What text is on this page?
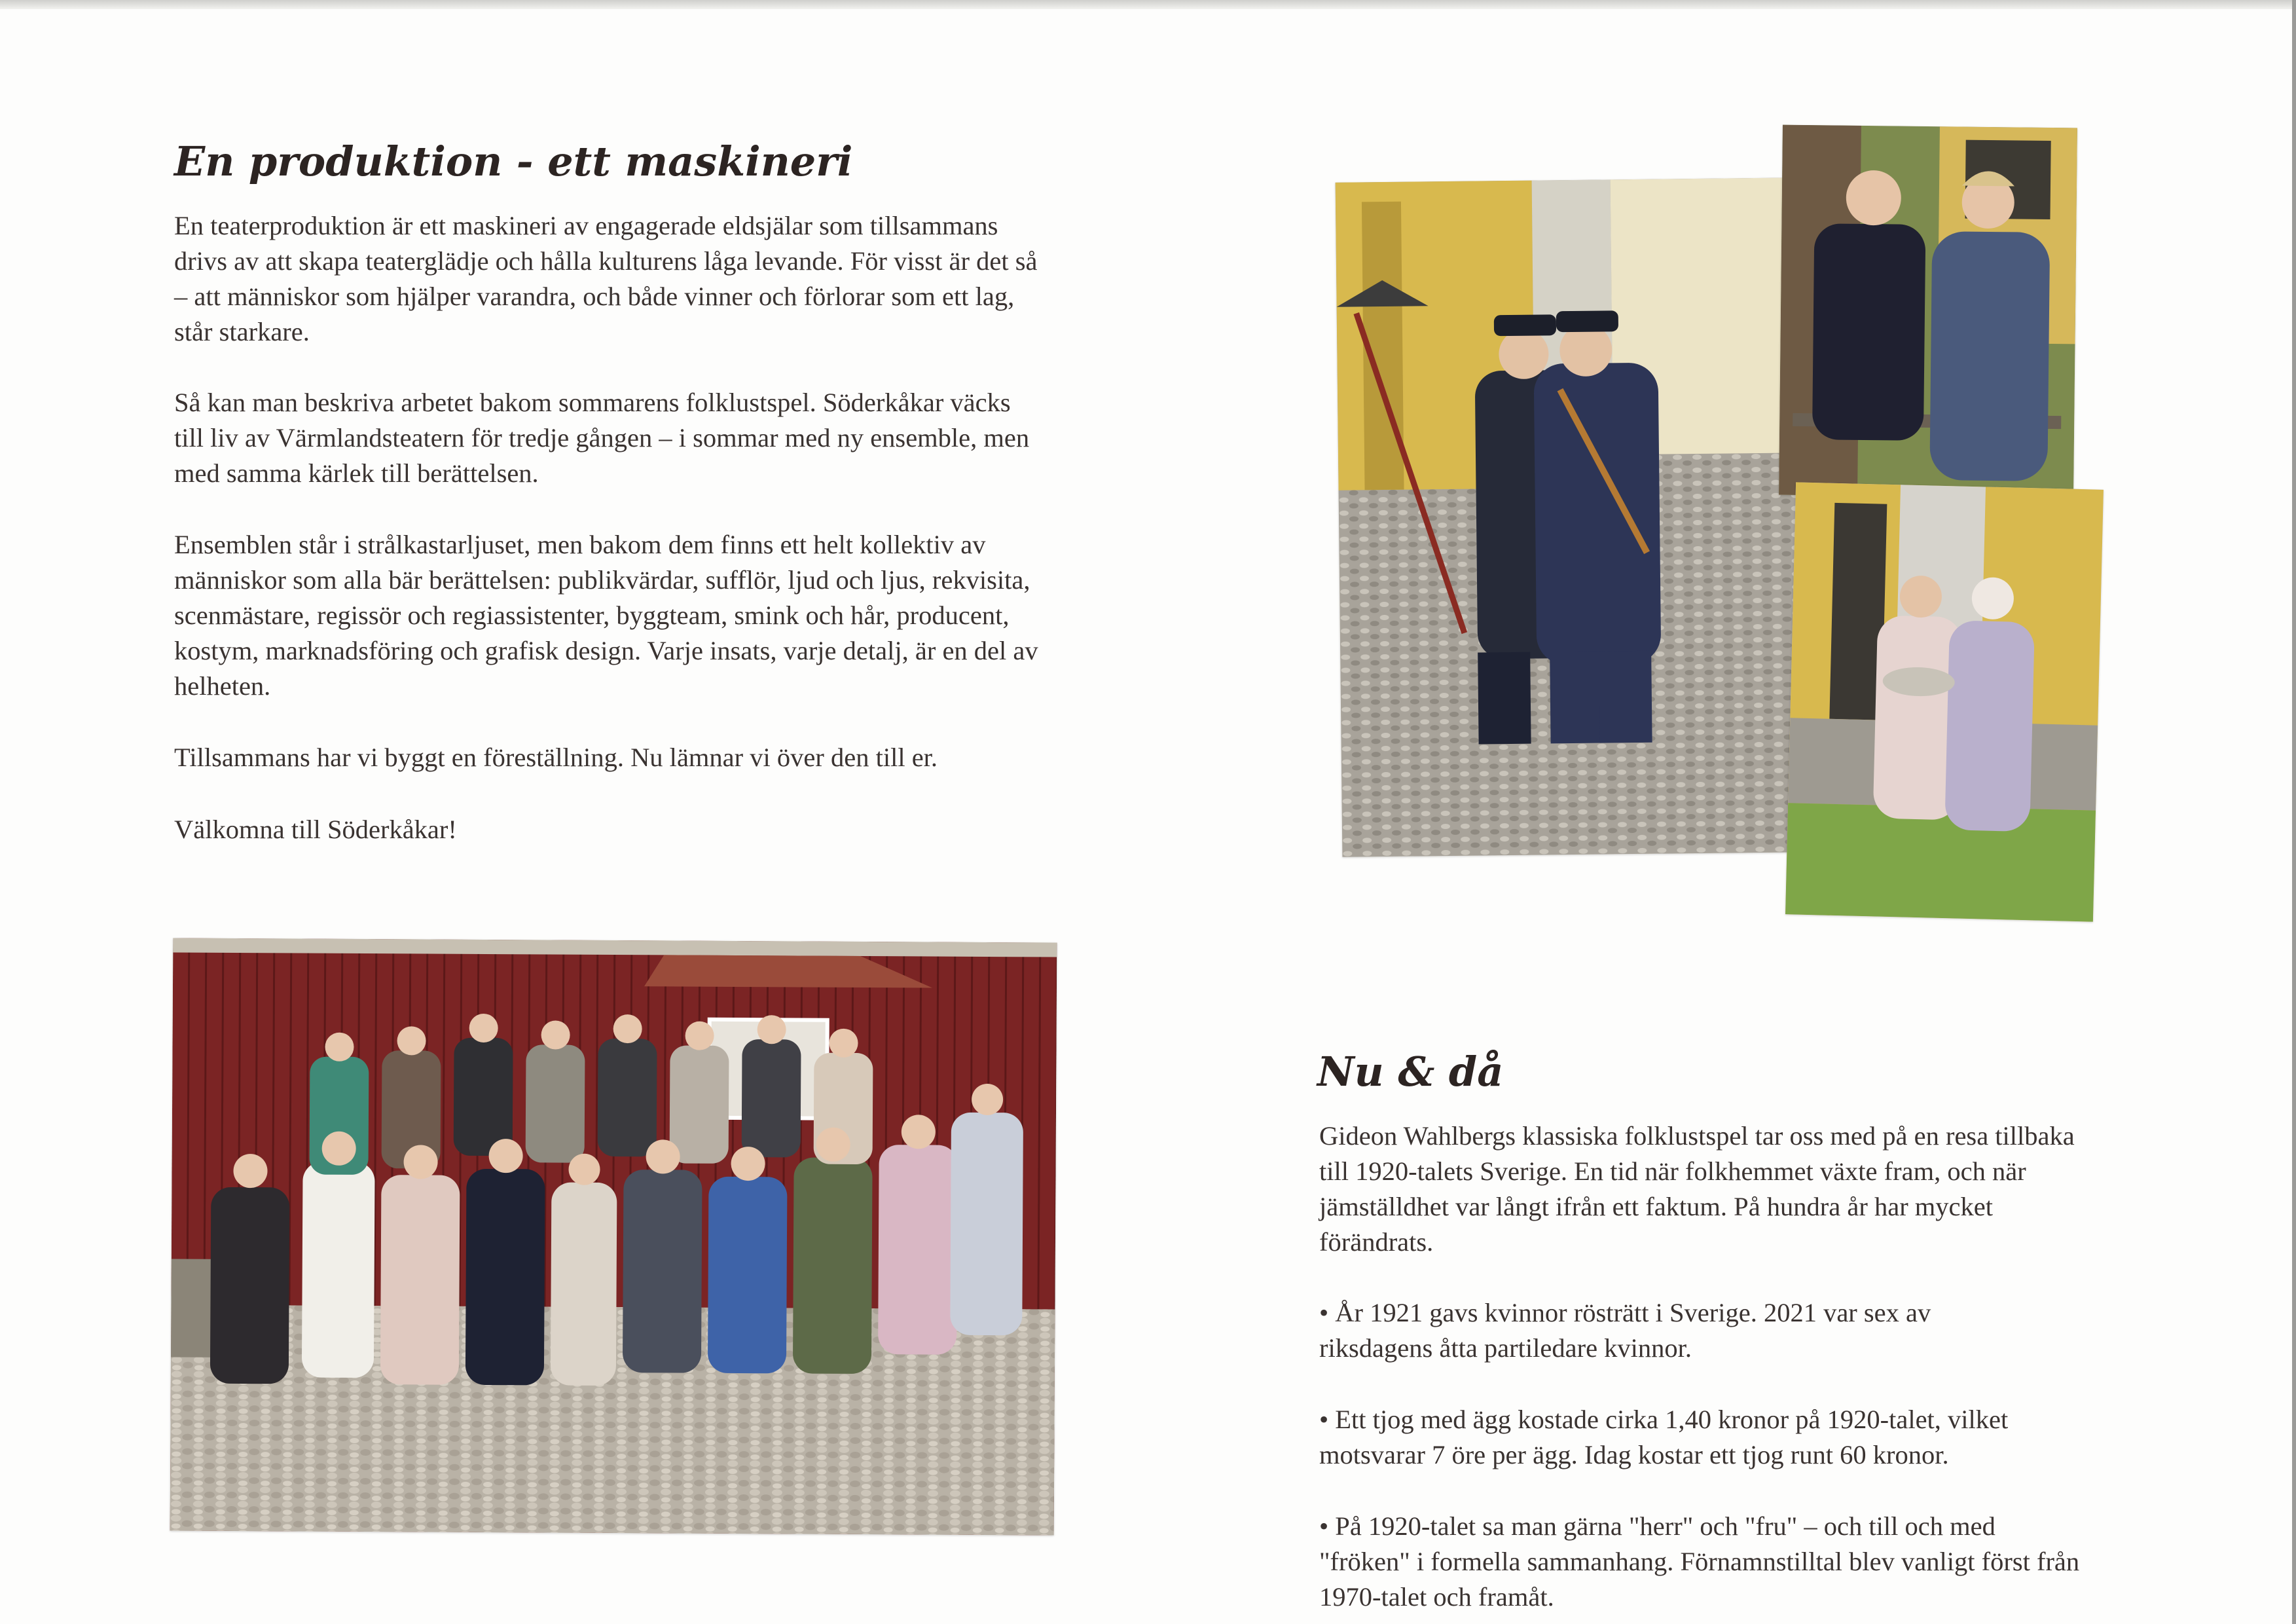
En produktion - ett maskineri

En teaterproduktion är ett maskineri av engagerade eldsjälar som tillsammans drivs av att skapa teaterglädje och hålla kulturens låga levande. För visst är det så – att människor som hjälper varandra, och både vinner och förlorar som ett lag, står starkare.

Så kan man beskriva arbetet bakom sommarens folklustspel. Söderkåkar väcks till liv av Värmlandsteatern för tredje gången – i sommar med ny ensemble, men med samma kärlek till berättelsen.

Ensemblen står i strålkastarljuset, men bakom dem finns ett helt kollektiv av människor som alla bär berättelsen: publikvärdar, sufflör, ljud och ljus, rekvisita, scenmästare, regissör och regiassistenter, byggteam, smink och hår, producent, kostym, marknadsföring och grafisk design. Varje insats, varje detalj, är en del av helheten.

Tillsammans har vi byggt en föreställning. Nu lämnar vi över den till er.

Välkomna till Söderkåkar!

Nu & då

Gideon Wahlbergs klassiska folklustspel tar oss med på en resa tillbaka till 1920-talets Sverige. En tid när folkhemmet växte fram, och när jämställdhet var långt ifrån ett faktum. På hundra år har mycket förändrats.

• År 1921 gavs kvinnor rösträtt i Sverige. 2021 var sex av riksdagens åtta partiledare kvinnor.

• Ett tjog med ägg kostade cirka 1,40 kronor på 1920-talet, vilket motsvarar 7 öre per ägg. Idag kostar ett tjog runt 60 kronor.

• På 1920-talet sa man gärna "herr" och "fru" – och till och med "fröken" i formella sammanhang. Förnamnstilltal blev vanligt först från 1970-talet och framåt.
